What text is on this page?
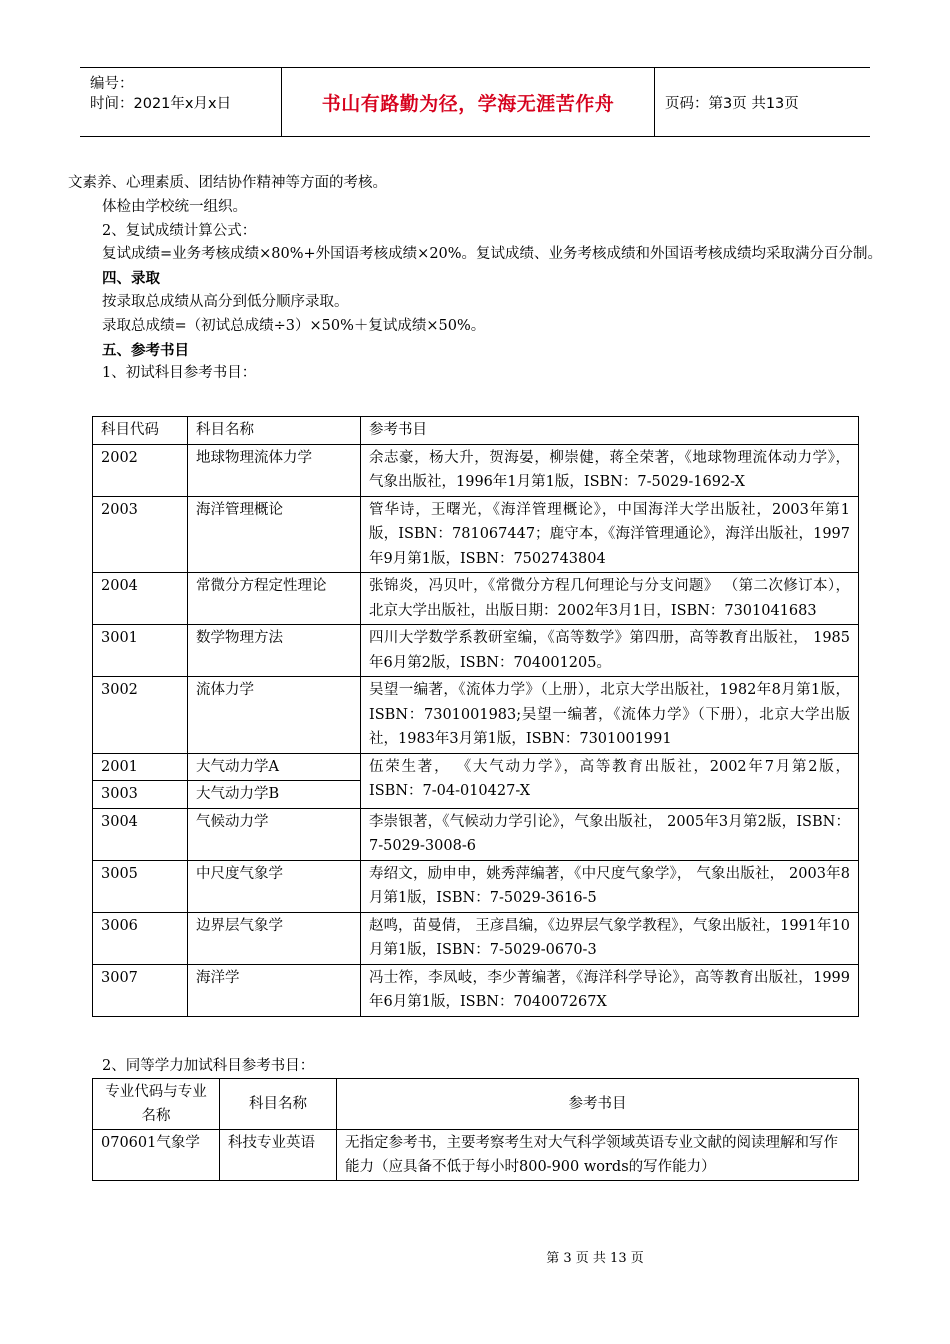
编号：
时间：2021年x月x日	书山有路勤为径，学海无涯苦作舟	页码：第3页 共13页

文素养、心理素质、团结协作精神等方面的考核。

体检由学校统一组织。

2、复试成绩计算公式：

复试成绩=业务考核成绩×80%+外国语考核成绩×20%。复试成绩、业务考核成绩和外国语考核成绩均采取满分百分制。

四、录取

按录取总成绩从高分到低分顺序录取。

录取总成绩=（初试总成绩÷3）×50%＋复试成绩×50%。

五、参考书目

1、初试科目参考书目：

科目代码	科目名称	参考书目
2002	地球物理流体力学	余志豪，杨大升，贺海晏，柳崇健，蒋全荣著，《地球物理流体动力学》， 气象出版社，1996年1月第1版，ISBN：7-5029-1692-X
2003	海洋管理概论	管华诗，王曙光，《海洋管理概论》，中国海洋大学出版社，2003年第1版，ISBN：781067447；鹿守本，《海洋管理通论》，海洋出版社，1997年9月第1版，ISBN：7502743804
2004	常微分方程定性理论	张锦炎，冯贝叶，《常微分方程几何理论与分支问题》 （第二次修订本），北京大学出版社，出版日期：2002年3月1日，ISBN：7301041683
3001	数学物理方法	四川大学数学系教研室编，《高等数学》第四册，高等教育出版社， 1985年6月第2版，ISBN：704001205。
3002	流体力学	吴望一编著，《流体力学》（上册），北京大学出版社，1982年8月第1版，ISBN：7301001983;吴望一编著，《流体力学》（下册），北京大学出版社，1983年3月第1版，ISBN：7301001991
2001	大气动力学A	伍荣生著， 《大气动力学》，高等教育出版社，2002年7月第2版，ISBN：7-04-010427-X
3003	大气动力学B	
3004	气候动力学	李崇银著，《气候动力学引论》，气象出版社， 2005年3月第2版，ISBN：7-5029-3008-6
3005	中尺度气象学	寿绍文，励申申，姚秀萍编著，《中尺度气象学》， 气象出版社， 2003年8月第1版，ISBN：7-5029-3616-5
3006	边界层气象学	赵鸣，苗曼倩， 王彦昌编，《边界层气象学教程》，气象出版社，1991年10月第1版，ISBN：7-5029-0670-3
3007	海洋学	冯士筰，李凤岐，李少菁编著，《海洋科学导论》，高等教育出版社，1999年6月第1版，ISBN：704007267X
2、同等学力加试科目参考书目：
专业代码与专业名称	科目名称	参考书目
070601气象学	科技专业英语	无指定参考书，主要考察考生对大气科学领域英语专业文献的阅读理解和写作能力（应具备不低于每小时800-900 words的写作能力）
第 3 页 共 13 页
